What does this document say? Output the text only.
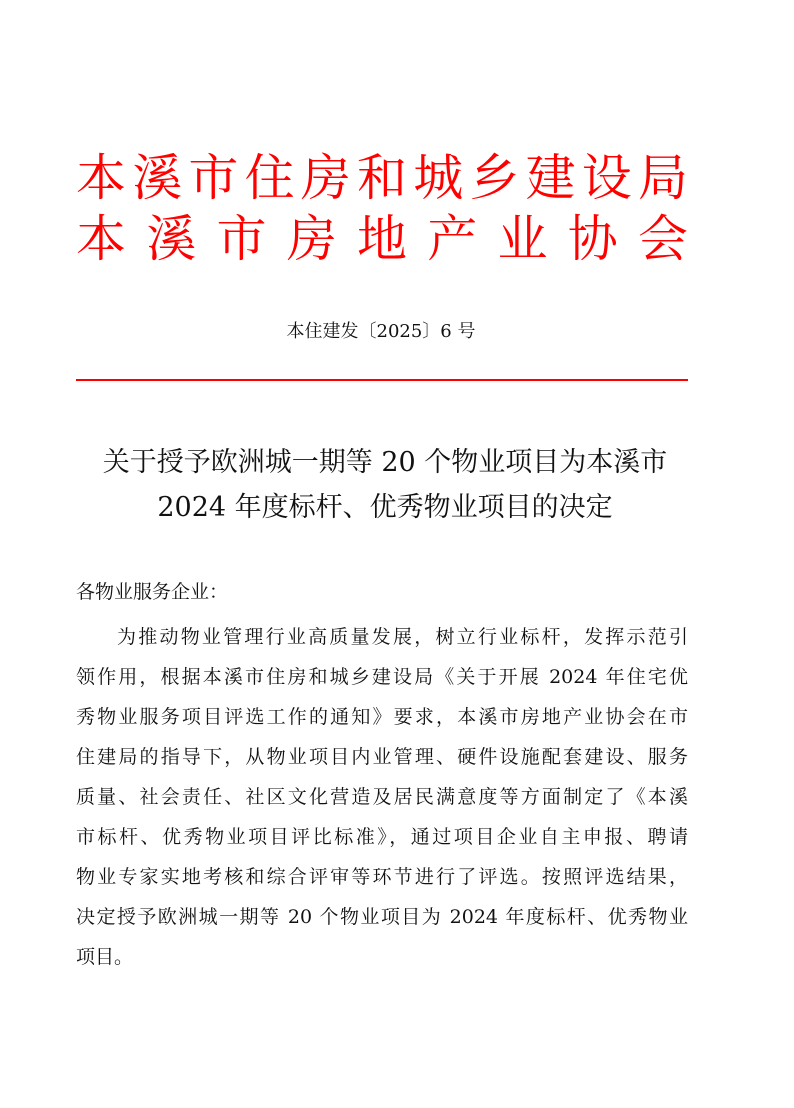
本溪市住房和城乡建设局
本溪市房地产业协会
本住建发〔2025〕6 号
关于授予欧洲城一期等 20 个物业项目为本溪市
2024 年度标杆、优秀物业项目的决定
各物业服务企业：
为推动物业管理行业高质量发展，树立行业标杆，发挥示范引
领作用，根据本溪市住房和城乡建设局《关于开展 2024 年住宅优
秀物业服务项目评选工作的通知》要求，本溪市房地产业协会在市
住建局的指导下，从物业项目内业管理、硬件设施配套建设、服务
质量、社会责任、社区文化营造及居民满意度等方面制定了《本溪
市标杆、优秀物业项目评比标准》，通过项目企业自主申报、聘请
物业专家实地考核和综合评审等环节进行了评选。按照评选结果，
决定授予欧洲城一期等 20 个物业项目为 2024 年度标杆、优秀物业
项目。
